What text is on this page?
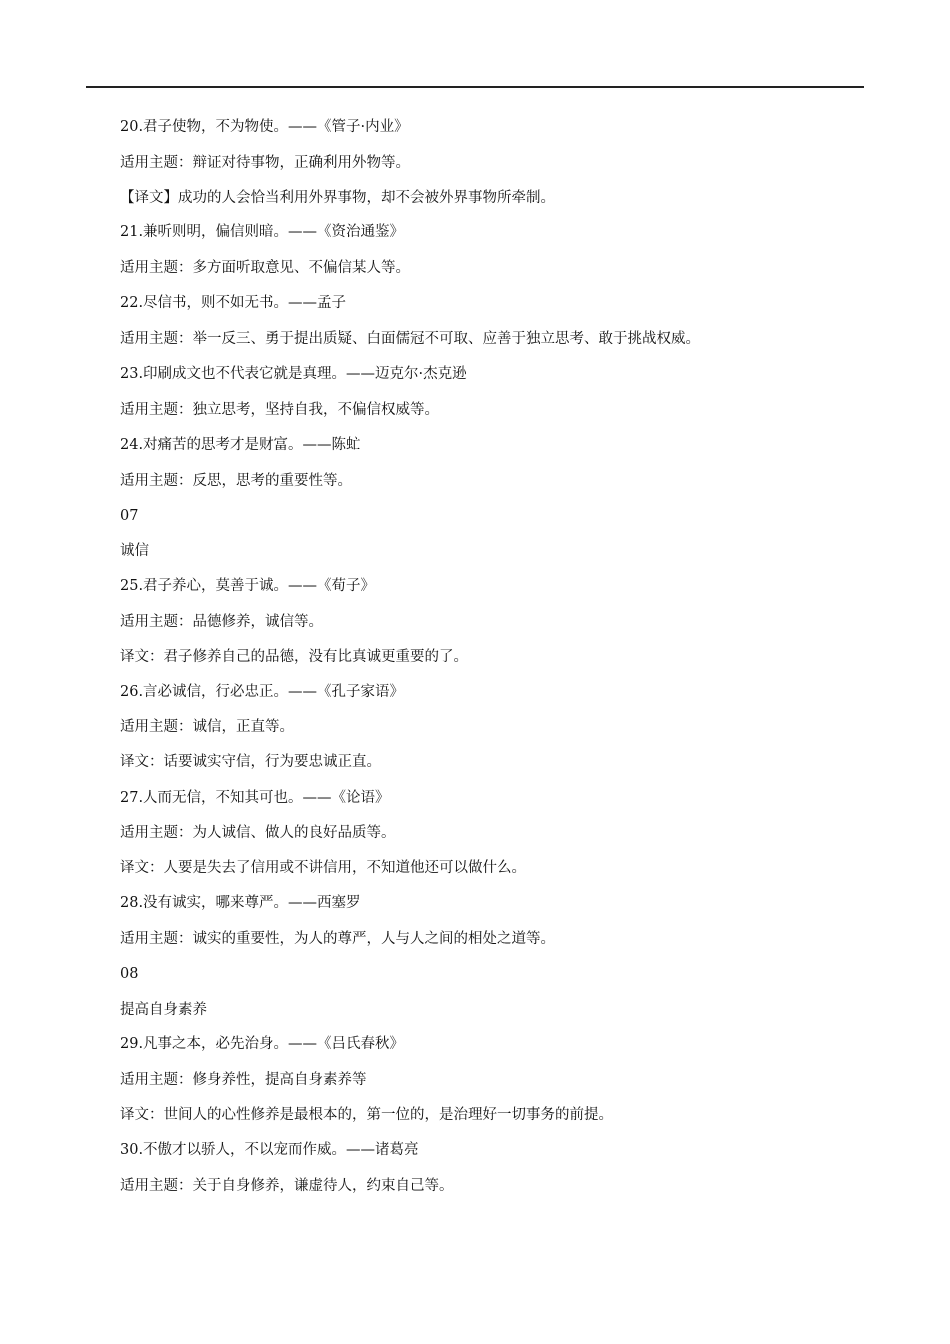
20.君子使物，不为物使。——《管子·内业》
适用主题：辩证对待事物，正确利用外物等。
【译文】成功的人会恰当利用外界事物，却不会被外界事物所牵制。
21.兼听则明，偏信则暗。——《资治通鉴》
适用主题：多方面听取意见、不偏信某人等。
22.尽信书，则不如无书。——孟子
适用主题：举一反三、勇于提出质疑、白面儒冠不可取、应善于独立思考、敢于挑战权威。
23.印刷成文也不代表它就是真理。——迈克尔·杰克逊
适用主题：独立思考，坚持自我，不偏信权威等。
24.对痛苦的思考才是财富。——陈虻
适用主题：反思，思考的重要性等。
07
诚信
25.君子养心，莫善于诚。——《荀子》
适用主题：品德修养，诚信等。
译文：君子修养自己的品德，没有比真诚更重要的了。
26.言必诚信，行必忠正。——《孔子家语》
适用主题：诚信，正直等。
译文：话要诚实守信，行为要忠诚正直。
27.人而无信，不知其可也。——《论语》
适用主题：为人诚信、做人的良好品质等。
译文：人要是失去了信用或不讲信用，不知道他还可以做什么。
28.没有诚实，哪来尊严。——西塞罗
适用主题：诚实的重要性，为人的尊严，人与人之间的相处之道等。
08
提高自身素养
29.凡事之本，必先治身。——《吕氏春秋》
适用主题：修身养性，提高自身素养等
译文：世间人的心性修养是最根本的，第一位的，是治理好一切事务的前提。
30.不傲才以骄人，不以宠而作威。——诸葛亮
适用主题：关于自身修养，谦虚待人，约束自己等。
